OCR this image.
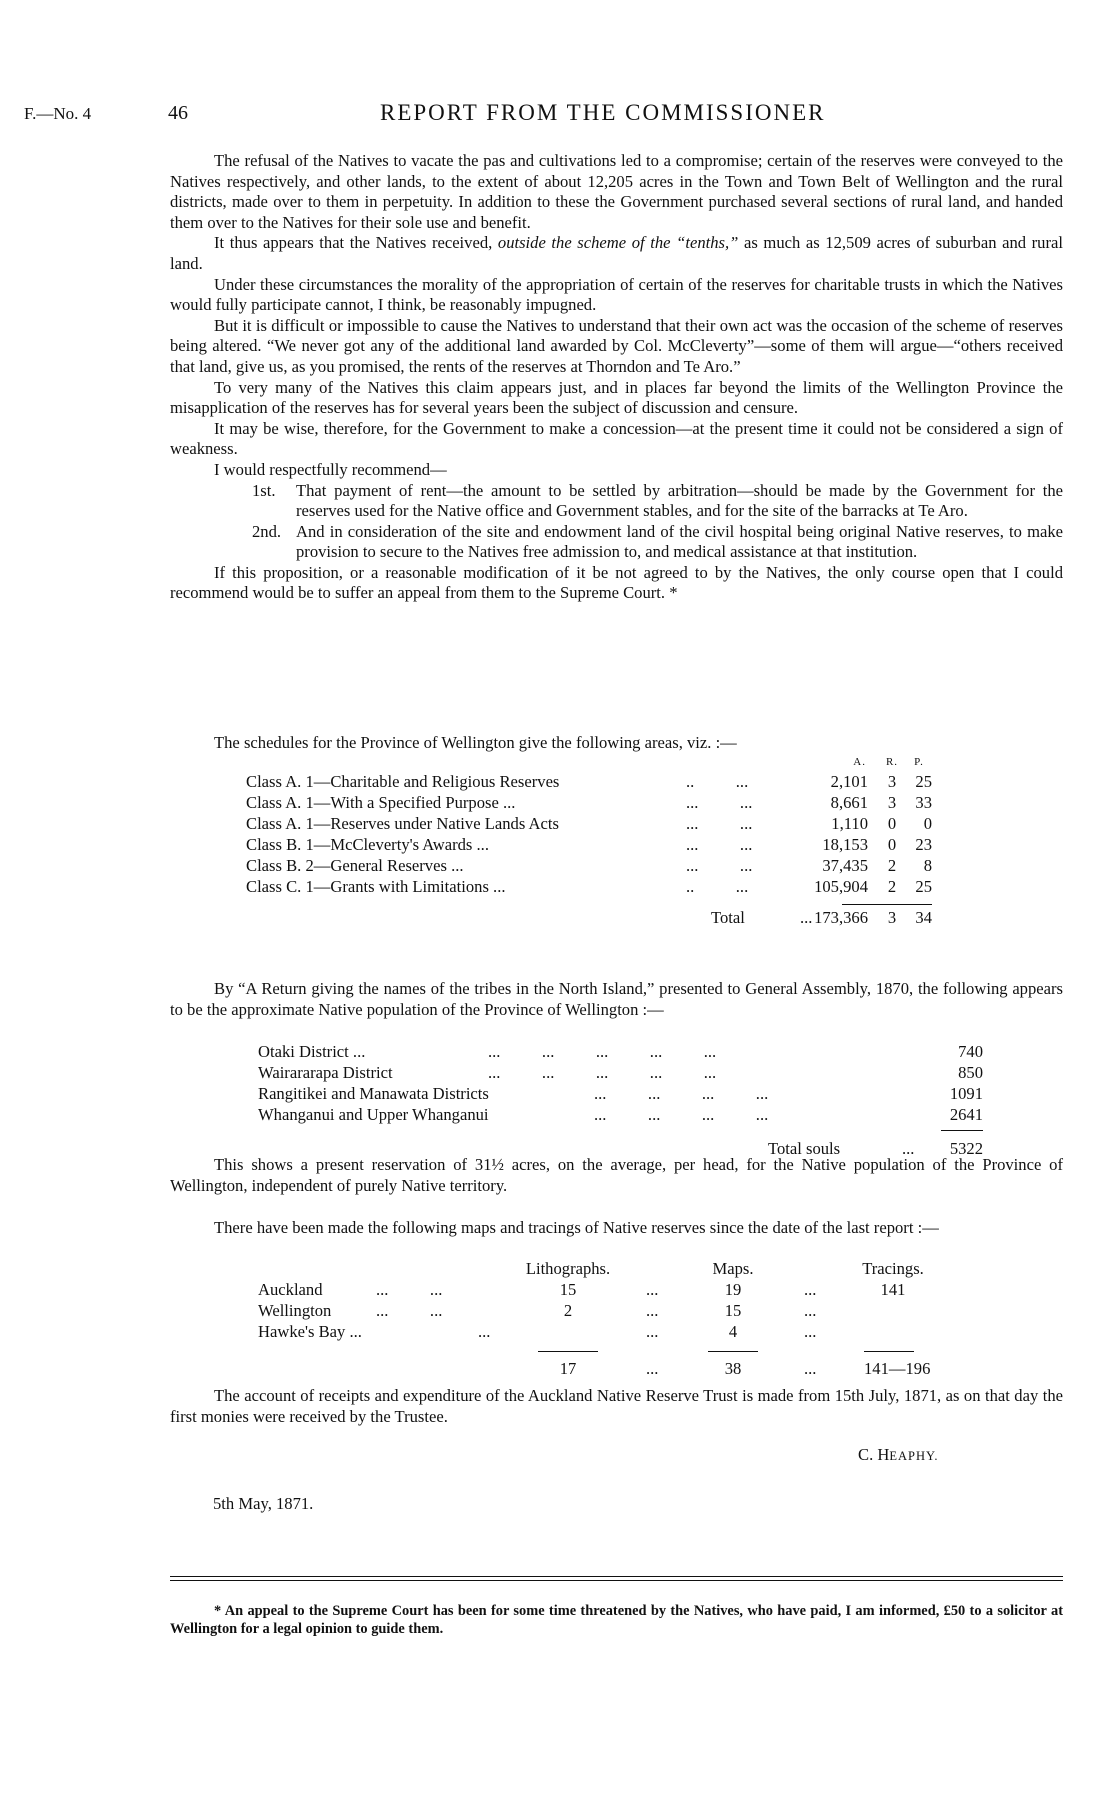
F.—No. 4	46	REPORT FROM THE COMMISSIONER

The refusal of the Natives to vacate the pas and cultivations led to a compromise; certain of the reserves were conveyed to the Natives respectively, and other lands, to the extent of about 12,205 acres in the Town and Town Belt of Wellington and the rural districts, made over to them in perpetuity. In addition to these the Government purchased several sections of rural land, and handed them over to the Natives for their sole use and benefit.

It thus appears that the Natives received, outside the scheme of the “tenths,” as much as 12,509 acres of suburban and rural land.

Under these circumstances the morality of the appropriation of certain of the reserves for charitable trusts in which the Natives would fully participate cannot, I think, be reasonably impugned.

But it is difficult or impossible to cause the Natives to understand that their own act was the occasion of the scheme of reserves being altered. “We never got any of the additional land awarded by Col. McCleverty”—some of them will argue—“others received that land, give us, as you promised, the rents of the reserves at Thorndon and Te Aro.”

To very many of the Natives this claim appears just, and in places far beyond the limits of the Wellington Province the misapplication of the reserves has for several years been the subject of discussion and censure.

It may be wise, therefore, for the Government to make a concession—at the present time it could not be considered a sign of weakness.

I would respectfully recommend—

1st. That payment of rent—the amount to be settled by arbitration—should be made by the Government for the reserves used for the Native office and Government stables, and for the site of the barracks at Te Aro.
2nd. And in consideration of the site and endowment land of the civil hospital being original Native reserves, to make provision to secure to the Natives free admission to, and medical assistance at that institution.

If this proposition, or a reasonable modification of it be not agreed to by the Natives, the only course open that I could recommend would be to suffer an appeal from them to the Supreme Court. *

The schedules for the Province of Wellington give the following areas, viz. :—

A.	R.	P.
Class A. 1—Charitable and Religious Reserves	..          ...	2,101	3	25
Class A. 1—With a Specified Purpose ...	...          ...	8,661	3	33
Class A. 1—Reserves under Native Lands Acts	...          ...	1,110	0	0
Class B. 1—McCleverty's Awards ...	...          ...	18,153	0	23
Class B. 2—General Reserves ...	...          ...	37,435	2	8
Class C. 1—Grants with Limitations ...	..          ...	105,904	2	25
Total	... 173,366	3	34

By “A Return giving the names of the tribes in the North Island,” presented to General Assembly, 1870, the following appears to be the approximate Native population of the Province of Wellington :—

Otaki District ...	...          ...          ...          ...          ...	740
Wairararapa District	...          ...          ...          ...          ...	850
Rangitikei and Manawata Districts	...          ...          ...          ...	1091
Whanganui and Upper Whanganui	...          ...          ...          ...	2641
Total souls	...	5322

This shows a present reservation of 31½ acres, on the average, per head, for the Native population of the Province of Wellington, independent of purely Native territory.

There have been made the following maps and tracings of Native reserves since the date of the last report :—

Lithographs.	Maps.	Tracings.
Auckland	...          ...	15	...	19	...	141
Wellington	...          ...	2	...	15	...
Hawke's Bay ...	...	...	4	...
17	...	38	...	141—196

The account of receipts and expenditure of the Auckland Native Reserve Trust is made from 15th July, 1871, as on that day the first monies were received by the Trustee.

C. HEAPHY.
5th May, 1871.

* An appeal to the Supreme Court has been for some time threatened by the Natives, who have paid, I am informed, £50 to a solicitor at Wellington for a legal opinion to guide them.
